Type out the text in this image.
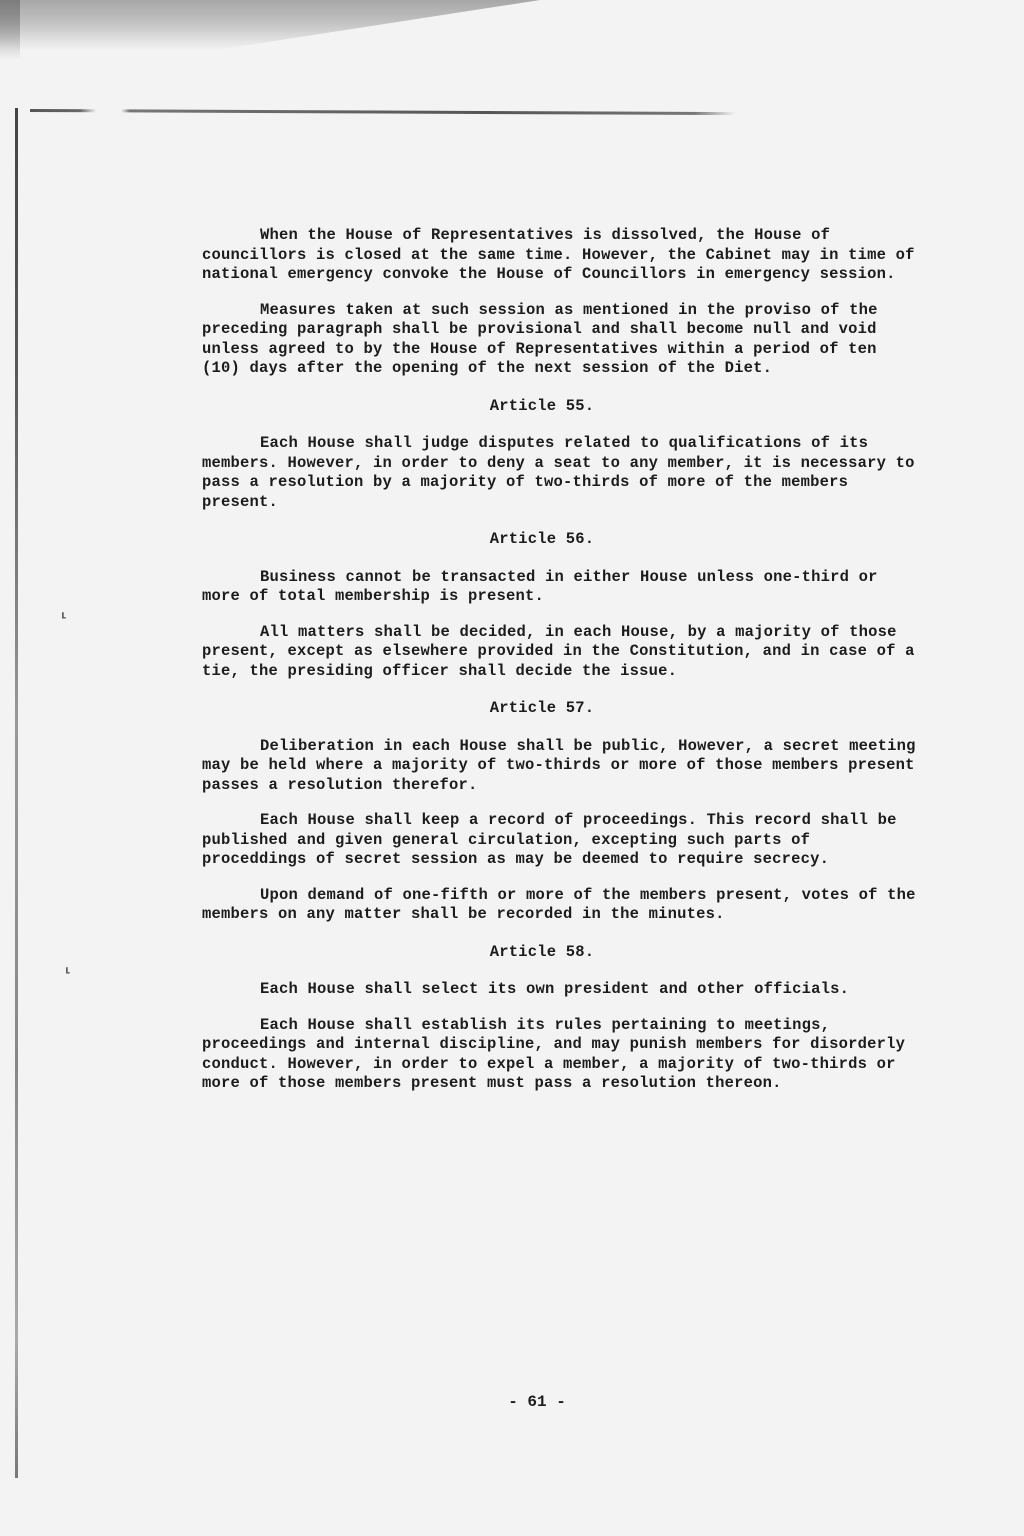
⸤
⸤

When the House of Representatives is dissolved, the House of councillors is closed at the same time. However, the Cabinet may in time of national emergency convoke the House of Councillors in emergency session.

Measures taken at such session as mentioned in the proviso of the preceding paragraph shall be provisional and shall become null and void unless agreed to by the House of Representatives within a period of ten (10) days after the opening of the next session of the Diet.

Article 55.

Each House shall judge disputes related to qualifications of its members. However, in order to deny a seat to any member, it is necessary to pass a resolution by a majority of two-thirds of more of the members present.

Article 56.

Business cannot be transacted in either House unless one-third or more of total membership is present.

All matters shall be decided, in each House, by a majority of those present, except as elsewhere provided in the Constitution, and in case of a tie, the presiding officer shall decide the issue.

Article 57.

Deliberation in each House shall be public, However, a secret meeting may be held where a majority of two-thirds or more of those members present passes a resolution therefor.

Each House shall keep a record of proceedings. This record shall be published and given general circulation, excepting such parts of proceddings of secret session as may be deemed to require secrecy.

Upon demand of one-fifth or more of the members present, votes of the members on any matter shall be recorded in the minutes.

Article 58.

Each House shall select its own president and other officials.

Each House shall establish its rules pertaining to meetings, proceedings and internal discipline, and may punish members for disorderly conduct. However, in order to expel a member, a majority of two-thirds or more of those members present must pass a resolution thereon.

- 61 -
